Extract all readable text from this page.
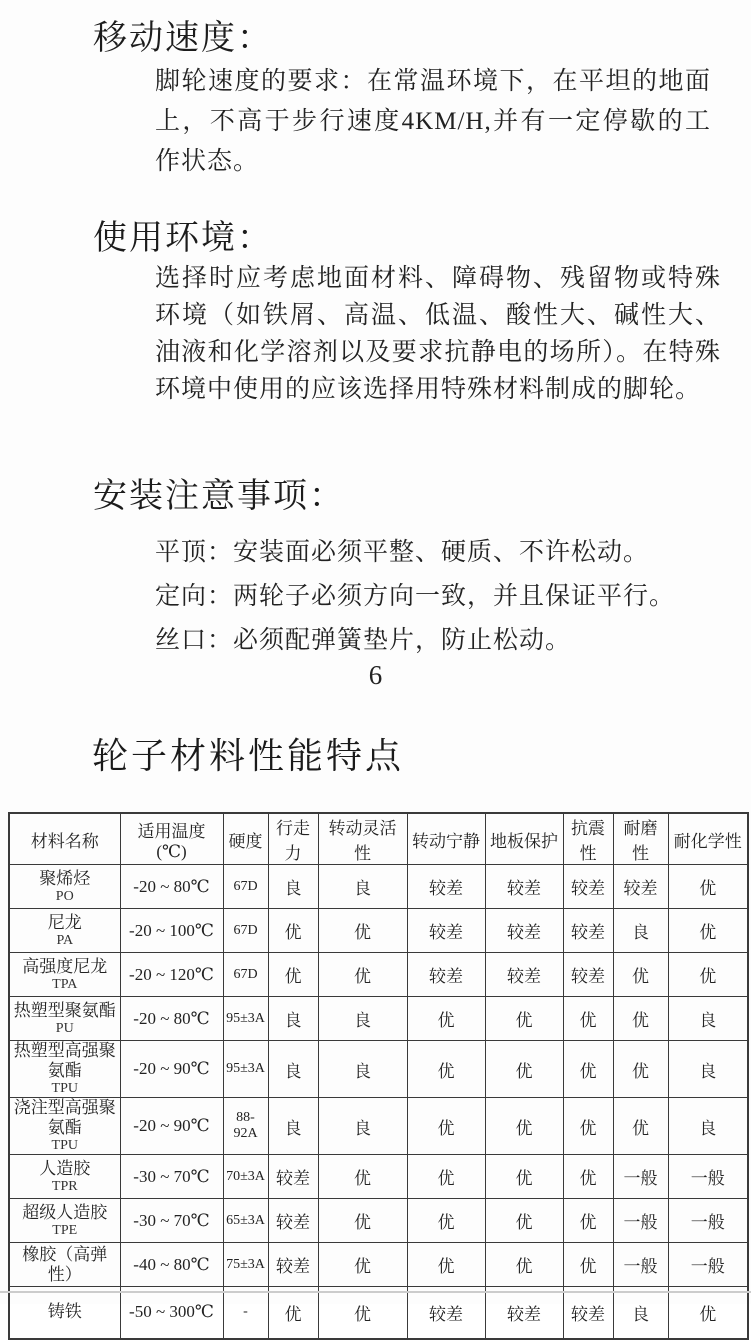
移动速度：
脚轮速度的要求：在常温环境下，在平坦的地面上，不高于步行速度4KM/H,并有一定停歇的工作状态。
使用环境：
选择时应考虑地面材料、障碍物、残留物或特殊环境（如铁屑、高温、低温、酸性大、碱性大、油液和化学溶剂以及要求抗静电的场所）。在特殊环境中使用的应该选择用特殊材料制成的脚轮。
安装注意事项：
平顶：安装面必须平整、硬质、不许松动。
定向：两轮子必须方向一致，并且保证平行。
丝口：必须配弹簧垫片，防止松动。
6
轮子材料性能特点
材料名称	适用温度(℃)	硬度	行走力	转动灵活性	转动宁静	地板保护	抗震性	耐磨性	耐化学性

聚烯烃
PO	-20 ~ 80℃	67D	良	良	较差	较差	较差	较差	优

尼龙
PA	-20 ~ 100℃	67D	优	优	较差	较差	较差	良	优

高强度尼龙
TPA	-20 ~ 120℃	67D	优	优	较差	较差	较差	优	优

热塑型聚氨酯
PU	-20 ~ 80℃	95±3A	良	良	优	优	优	优	良

热塑型高强聚氨酯
TPU	-20 ~ 90℃	95±3A	良	良	优	优	优	优	良

浇注型高强聚氨酯
TPU	-20 ~ 90℃	88-92A	良	良	优	优	优	优	良

人造胶
TPR	-30 ~ 70℃	70±3A	较差	优	优	优	优	一般	一般

超级人造胶
TPE	-30 ~ 70℃	65±3A	较差	优	优	优	优	一般	一般

橡胶（高弹性）	-40 ~ 80℃	75±3A	较差	优	优	优	优	一般	一般

铸铁	-50 ~ 300℃	-	优	优	较差	较差	较差	良	优
